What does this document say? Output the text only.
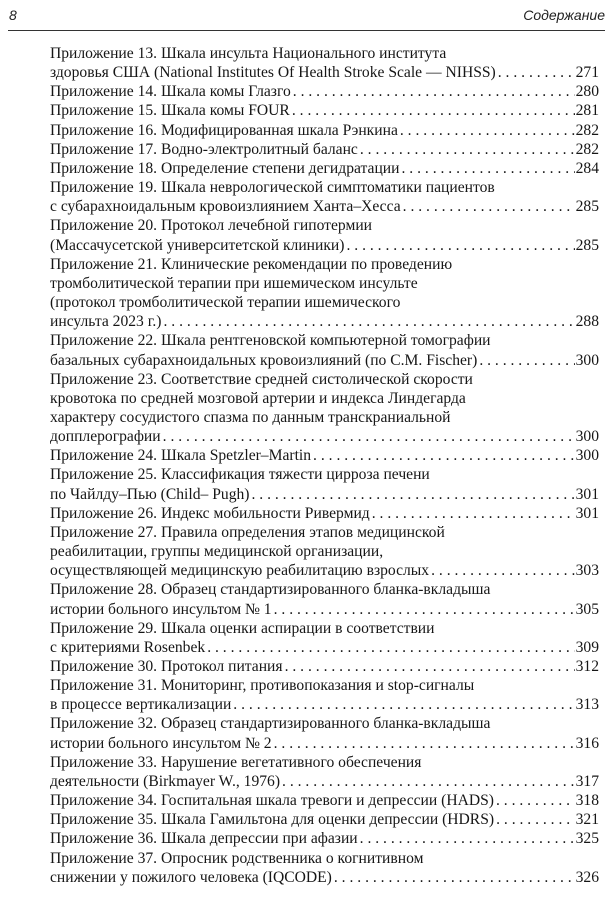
8	Содержание
Приложение 13. Шкала инсульта Национального института
здоровья США (National Institutes Of Health Stroke Scale — NIHSS) . . .	271
Приложение 14. Шкала комы Глазго . . .	280
Приложение 15. Шкала комы FOUR . . .	281
Приложение 16. Модифицированная шкала Рэнкина . . .	282
Приложение 17. Водно-электролитный баланс . . .	282
Приложение 18. Определение степени дегидратации . . .	284
Приложение 19. Шкала неврологической симптоматики пациентов
с субарахноидальным кровоизлиянием Ханта–Хесса . . .	285
Приложение 20. Протокол лечебной гипотермии
(Массачусетской университетской клиники) . . .	285
Приложение 21. Клинические рекомендации по проведению
тромболитической терапии при ишемическом инсульте
(протокол тромболитической терапии ишемического
инсульта 2023 г.) . . .	288
Приложение 22. Шкала рентгеновской компьютерной томографии
базальных субарахноидальных кровоизлияний (по C.M. Fischer) . . .	300
Приложение 23. Соответствие средней систолической скорости
кровотока по средней мозговой артерии и индекса Линдегарда
характеру сосудистого спазма по данным транскраниальной
допплерографии . . .	300
Приложение 24. Шкала Spetzler–Martin . . .	300
Приложение 25. Классификация тяжести цирроза печени
по Чайлду–Пью (Child– Pugh) . . .	301
Приложение 26. Индекс мобильности Ривермид . . .	301
Приложение 27. Правила определения этапов медицинской
реабилитации, группы медицинской организации,
осуществляющей медицинскую реабилитацию взрослых . . .	303
Приложение 28. Образец стандартизированного бланка-вкладыша
истории больного инсультом № 1 . . .	305
Приложение 29. Шкала оценки аспирации в соответствии
с критериями Rosenbek . . .	309
Приложение 30. Протокол питания . . .	312
Приложение 31. Мониторинг, противопоказания и stop-сигналы
в процессе вертикализации . . .	313
Приложение 32. Образец стандартизированного бланка-вкладыша
истории больного инсультом № 2 . . .	316
Приложение 33. Нарушение вегетативного обеспечения
деятельности (Birkmayer W., 1976) . . .	317
Приложение 34. Госпитальная шкала тревоги и депрессии (HADS) . . .	318
Приложение 35. Шкала Гамильтона для оценки депрессии (HDRS) . . .	321
Приложение 36. Шкала депрессии при афазии . . .	325
Приложение 37. Опросник родственника о когнитивном
снижении у пожилого человека (IQCODE) . . .	326
